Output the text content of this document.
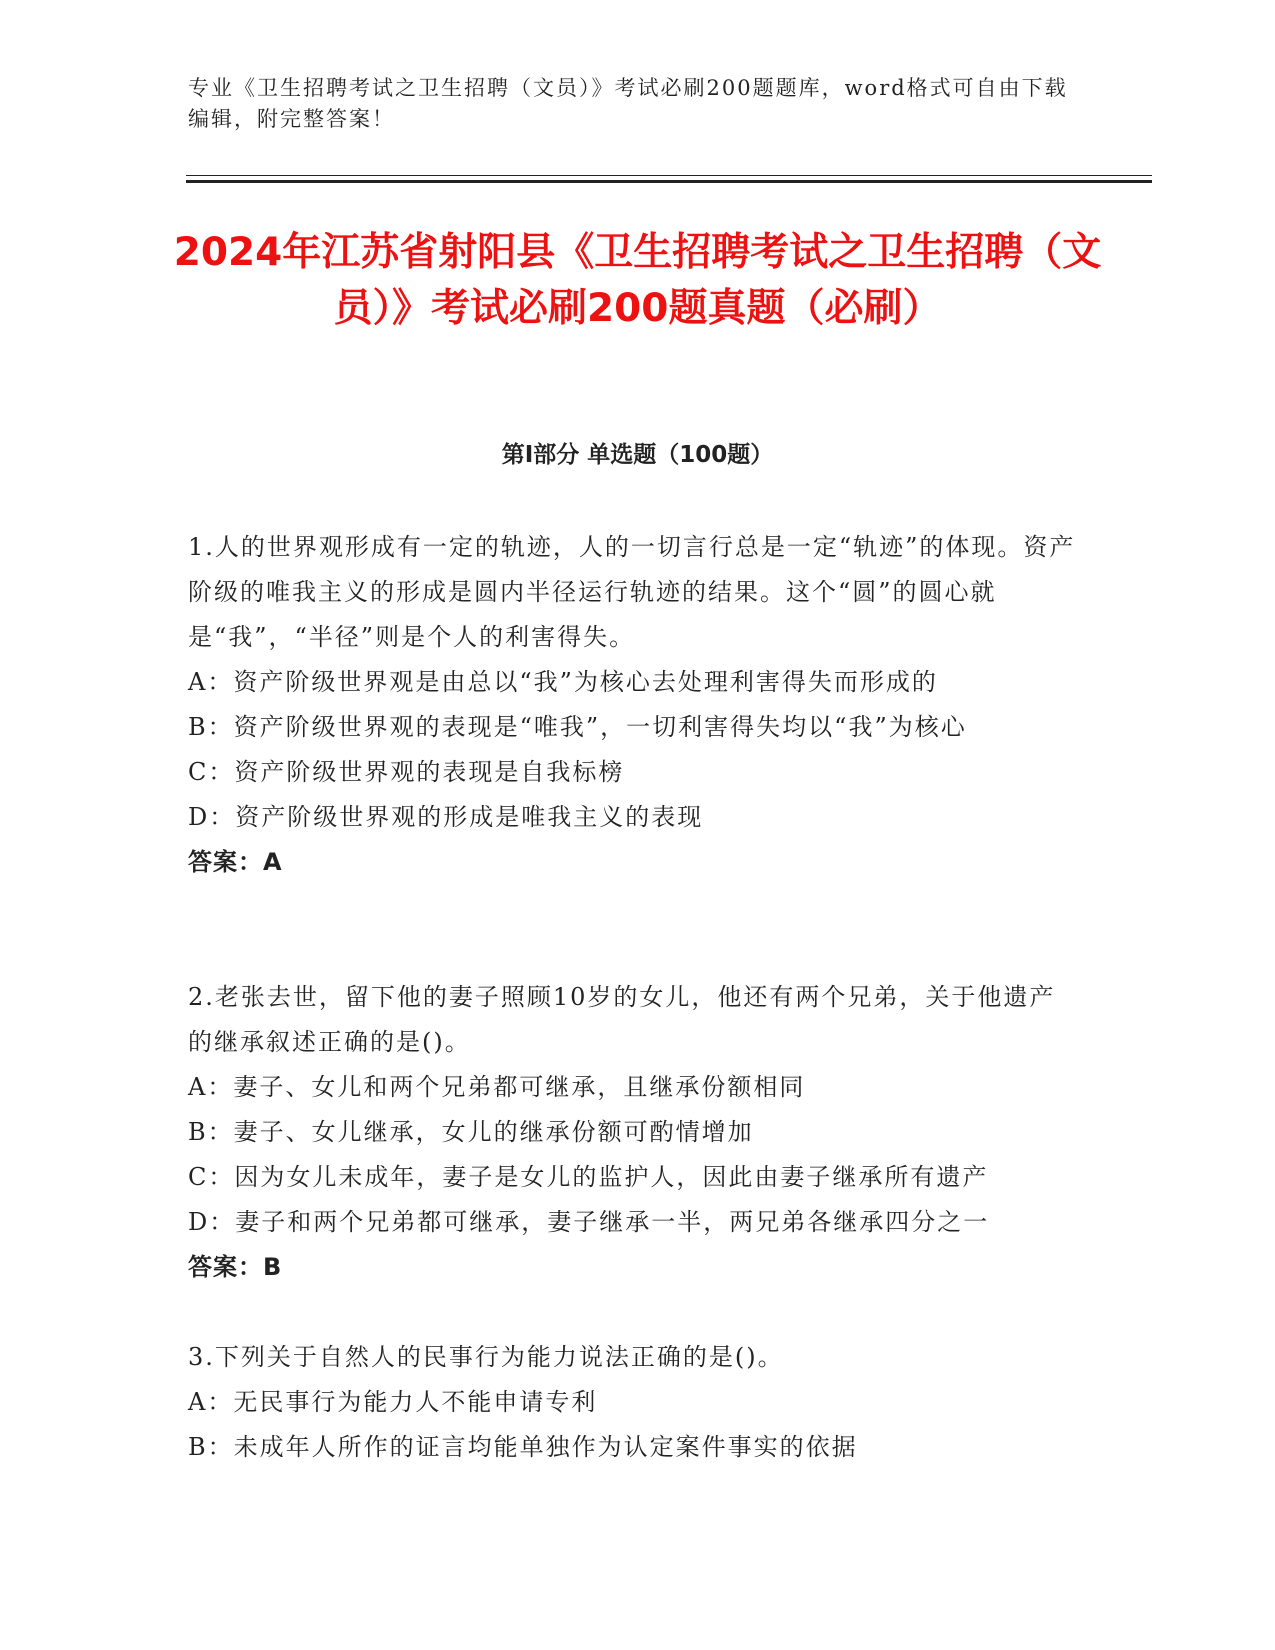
专业《卫生招聘考试之卫生招聘（文员）》考试必刷200题题库，word格式可自由下载编辑，附完整答案！
2024年江苏省射阳县《卫生招聘考试之卫生招聘（文员）》考试必刷200题真题（必刷）
第Ⅰ部分 单选题（100题）
1.人的世界观形成有一定的轨迹，人的一切言行总是一定“轨迹”的体现。资产阶级的唯我主义的形成是圆内半径运行轨迹的结果。这个“圆”的圆心就是“我”，“半径”则是个人的利害得失。
A：资产阶级世界观是由总以“我”为核心去处理利害得失而形成的
B：资产阶级世界观的表现是“唯我”，一切利害得失均以“我”为核心
C：资产阶级世界观的表现是自我标榜
D：资产阶级世界观的形成是唯我主义的表现
答案：A
2.老张去世，留下他的妻子照顾10岁的女儿，他还有两个兄弟，关于他遗产的继承叙述正确的是()。
A：妻子、女儿和两个兄弟都可继承，且继承份额相同
B：妻子、女儿继承，女儿的继承份额可酌情增加
C：因为女儿未成年，妻子是女儿的监护人，因此由妻子继承所有遗产
D：妻子和两个兄弟都可继承，妻子继承一半，两兄弟各继承四分之一
答案：B
3.下列关于自然人的民事行为能力说法正确的是()。
A：无民事行为能力人不能申请专利
B：未成年人所作的证言均能单独作为认定案件事实的依据
